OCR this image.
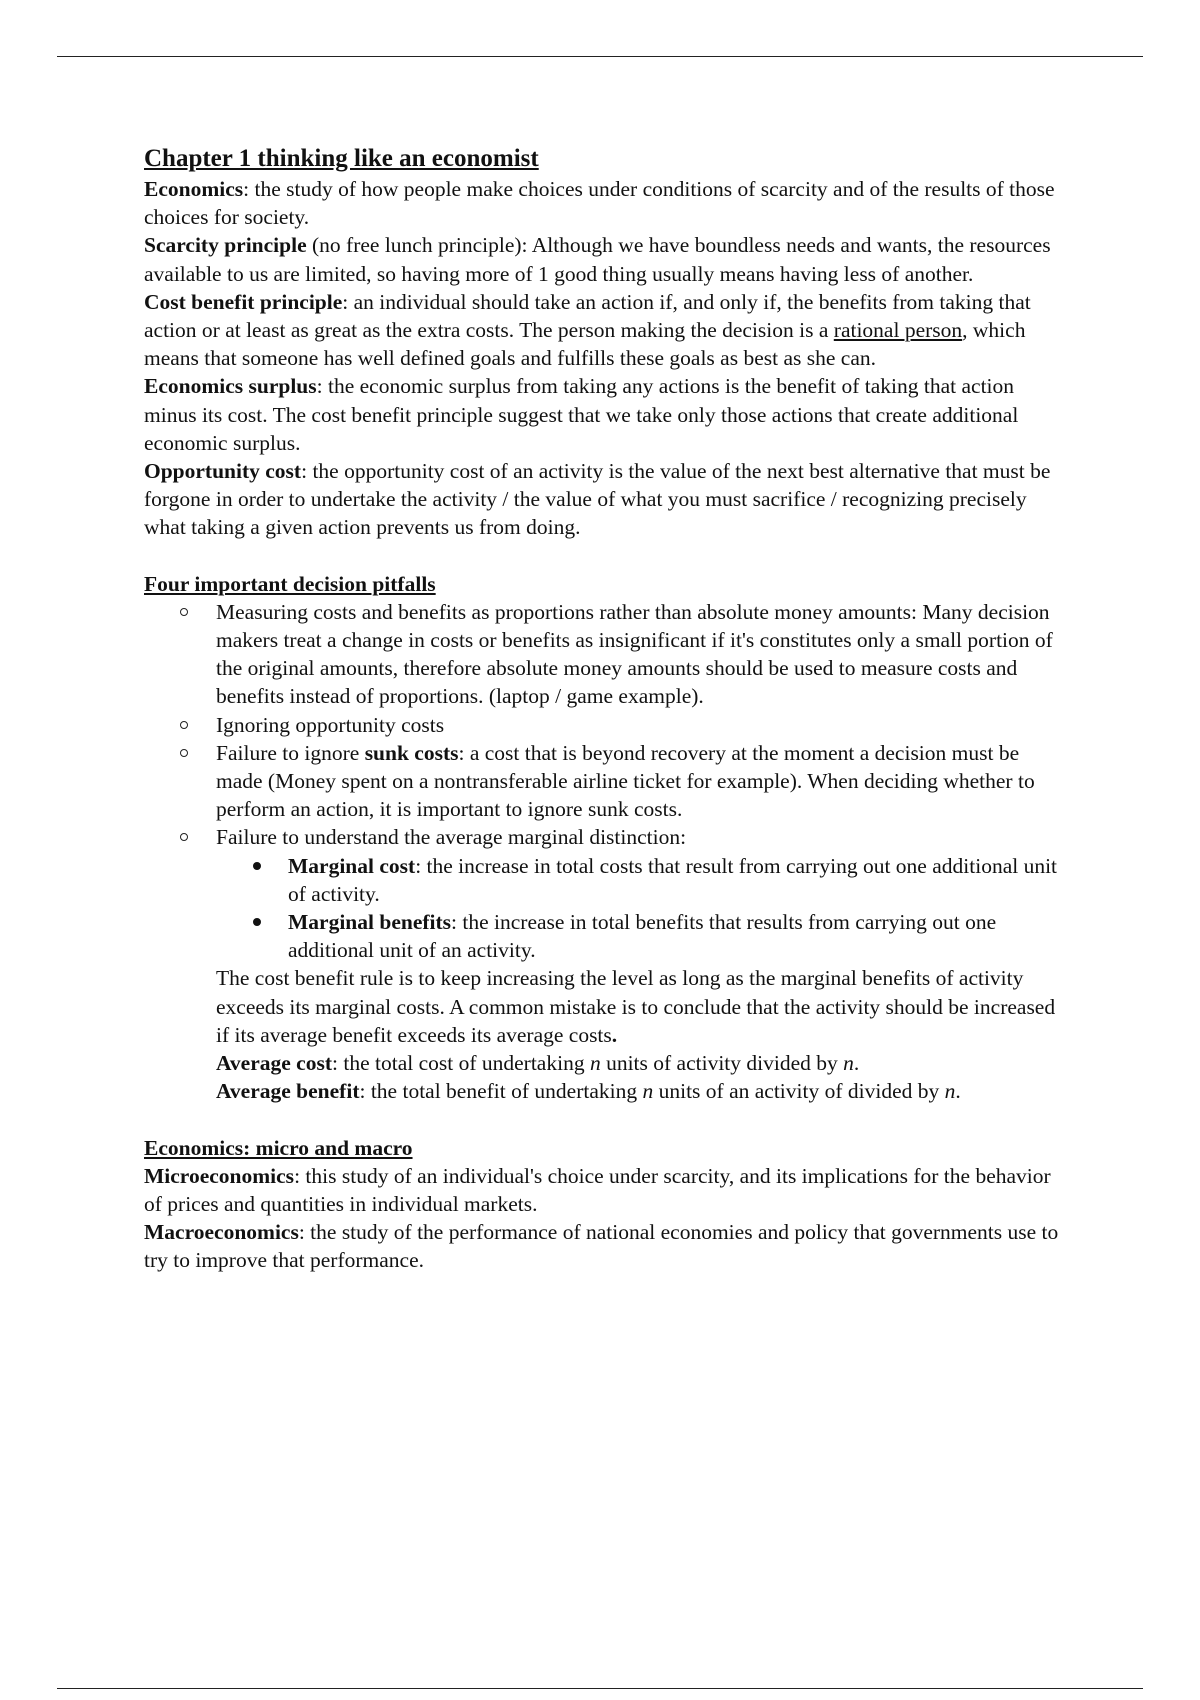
Chapter 1 thinking like an economist

Economics: the study of how people make choices under conditions of scarcity and of the results of those choices for society.

Scarcity principle (no free lunch principle): Although we have boundless needs and wants, the resources available to us are limited, so having more of 1 good thing usually means having less of another.

Cost benefit principle: an individual should take an action if, and only if, the benefits from taking that action or at least as great as the extra costs. The person making the decision is a rational person, which means that someone has well defined goals and fulfills these goals as best as she can.

Economics surplus: the economic surplus from taking any actions is the benefit of taking that action minus its cost. The cost benefit principle suggest that we take only those actions that create additional economic surplus.

Opportunity cost: the opportunity cost of an activity is the value of the next best alternative that must be forgone in order to undertake the activity / the value of what you must sacrifice / recognizing precisely what taking a given action prevents us from doing.

Four important decision pitfalls

Measuring costs and benefits as proportions rather than absolute money amounts: Many decision makers treat a change in costs or benefits as insignificant if it's constitutes only a small portion of the original amounts, therefore absolute money amounts should be used to measure costs and benefits instead of proportions. (laptop / game example).
Ignoring opportunity costs
Failure to ignore sunk costs: a cost that is beyond recovery at the moment a decision must be made (Money spent on a nontransferable airline ticket for example). When deciding whether to perform an action, it is important to ignore sunk costs.
Failure to understand the average marginal distinction:
Marginal cost: the increase in total costs that result from carrying out one additional unit of activity.
Marginal benefits: the increase in total benefits that results from carrying out one additional unit of an activity.

The cost benefit rule is to keep increasing the level as long as the marginal benefits of activity exceeds its marginal costs. A common mistake is to conclude that the activity should be increased if its average benefit exceeds its average costs.

Average cost: the total cost of undertaking n units of activity divided by n.

Average benefit: the total benefit of undertaking n units of an activity of divided by n.

Economics: micro and macro

Microeconomics: this study of an individual's choice under scarcity, and its implications for the behavior of prices and quantities in individual markets.

Macroeconomics: the study of the performance of national economies and policy that governments use to try to improve that performance.
